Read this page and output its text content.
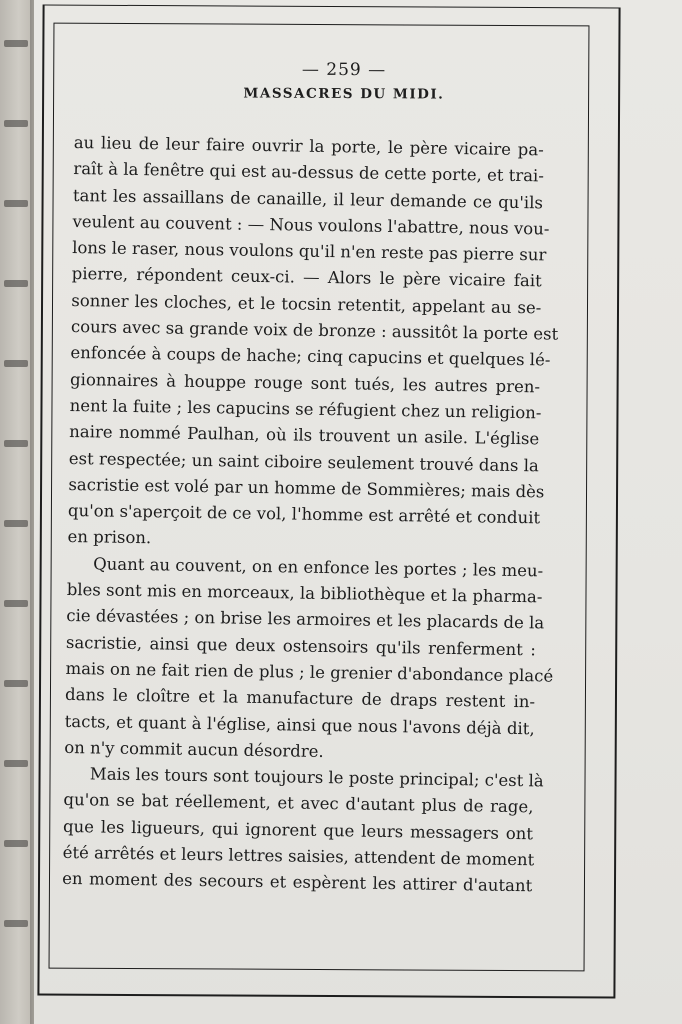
— 259 —
MASSACRES DU MIDI.
au lieu de leur faire ouvrir la porte, le père vicaire pa-
raît à la fenêtre qui est au-dessus de cette porte, et trai-
tant les assaillans de canaille, il leur demande ce qu'ils
veulent au couvent : — Nous voulons l'abattre, nous vou-
lons le raser, nous voulons qu'il n'en reste pas pierre sur
pierre, répondent ceux-ci. — Alors le père vicaire fait
sonner les cloches, et le tocsin retentit, appelant au se-
cours avec sa grande voix de bronze : aussitôt la porte est
enfoncée à coups de hache; cinq capucins et quelques lé-
gionnaires à houppe rouge sont tués, les autres pren-
nent la fuite ; les capucins se réfugient chez un religion-
naire nommé Paulhan, où ils trouvent un asile. L'église
est respectée; un saint ciboire seulement trouvé dans la
sacristie est volé par un homme de Sommières; mais dès
qu'on s'aperçoit de ce vol, l'homme est arrêté et conduit
en prison.
Quant au couvent, on en enfonce les portes ; les meu-
bles sont mis en morceaux, la bibliothèque et la pharma-
cie dévastées ; on brise les armoires et les placards de la
sacristie, ainsi que deux ostensoirs qu'ils renferment :
mais on ne fait rien de plus ; le grenier d'abondance placé
dans le cloître et la manufacture de draps restent in-
tacts, et quant à l'église, ainsi que nous l'avons déjà dit,
on n'y commit aucun désordre.
Mais les tours sont toujours le poste principal; c'est là
qu'on se bat réellement, et avec d'autant plus de rage,
que les ligueurs, qui ignorent que leurs messagers ont
été arrêtés et leurs lettres saisies, attendent de moment
en moment des secours et espèrent les attirer d'autant
